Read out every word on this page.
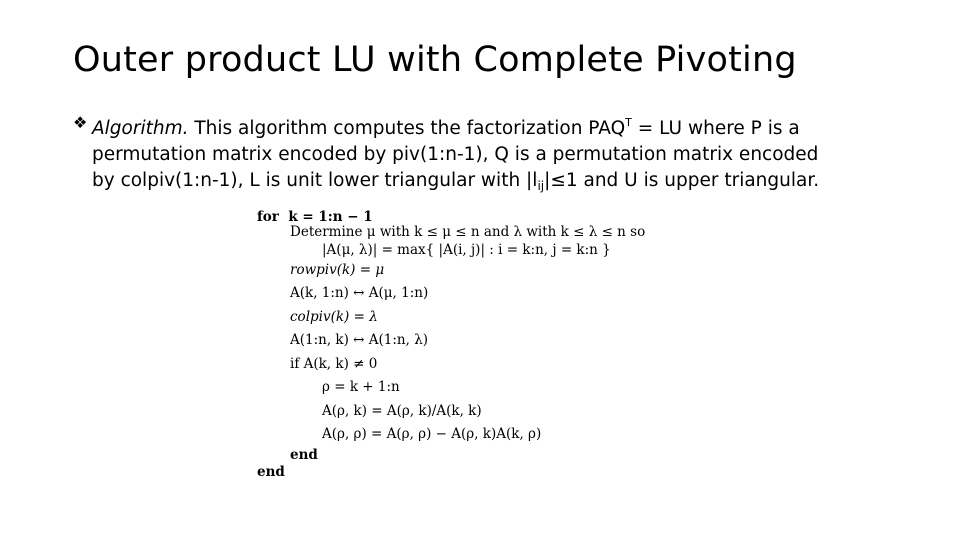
Outer product LU with Complete Pivoting
❖ Algorithm. This algorithm computes the factorization $PAQ^T$ = LU where P is a permutation matrix encoded by piv(1:n-1), Q is a permutation matrix encoded by colpiv(1:n-1), L is unit lower triangular with $|l_{ij}|\le 1$ and U is upper triangular.
for  k = 1:n − 1
Determine μ with k ≤ μ ≤ n and λ with k ≤ λ ≤ n so
|A(μ, λ)| = max{ |A(i, j)| : i = k:n, j = k:n }
rowpiv(k) = μ
A(k, 1:n) ↔ A(μ, 1:n)
colpiv(k) = λ
A(1:n, k) ↔ A(1:n, λ)
if A(k, k) ≠ 0
ρ = k + 1:n
A(ρ, k) = A(ρ, k)/A(k, k)
A(ρ, ρ) = A(ρ, ρ) − A(ρ, k)A(k, ρ)
end
end
